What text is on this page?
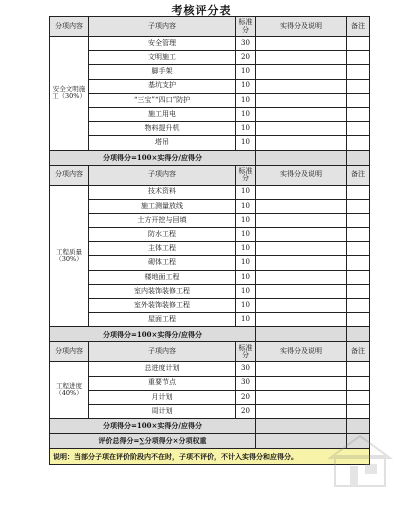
考核评分表
分项内容	子项内容	标准分	实得分及说明	备注
安全文明施工（30%）	安全管理	30		
	文明施工	20		
	脚手架	10		
	基坑支护	10		
	“三宝”“四口”防护	10		
	施工用电	10		
	物料提升机	10		
	塔吊	10		
分项得分=100×实得分/应得分				
分项内容	子项内容	标准分	实得分及说明	备注
工程质量（30%）	技术资料	10		
	施工测量放线	10		
	土方开挖与回填	10		
	防水工程	10		
	主体工程	10		
	砌体工程	10		
	楼地面工程	10		
	室内装饰装修工程	10		
	室外装饰装修工程	10		
	屋面工程	10		
分项得分=100×实得分/应得分				
分项内容	子项内容	标准分	实得分及说明	备注
工程进度（40%）	总进度计划	30		
	重要节点	30		
	月计划	20		
	周计划	20		
分项得分=100×实得分/应得分				
评价总得分=∑分项得分×分项权重				
说明：当部分子项在评价阶段内不在时，子项不评价，不计入实得分和应得分。				
